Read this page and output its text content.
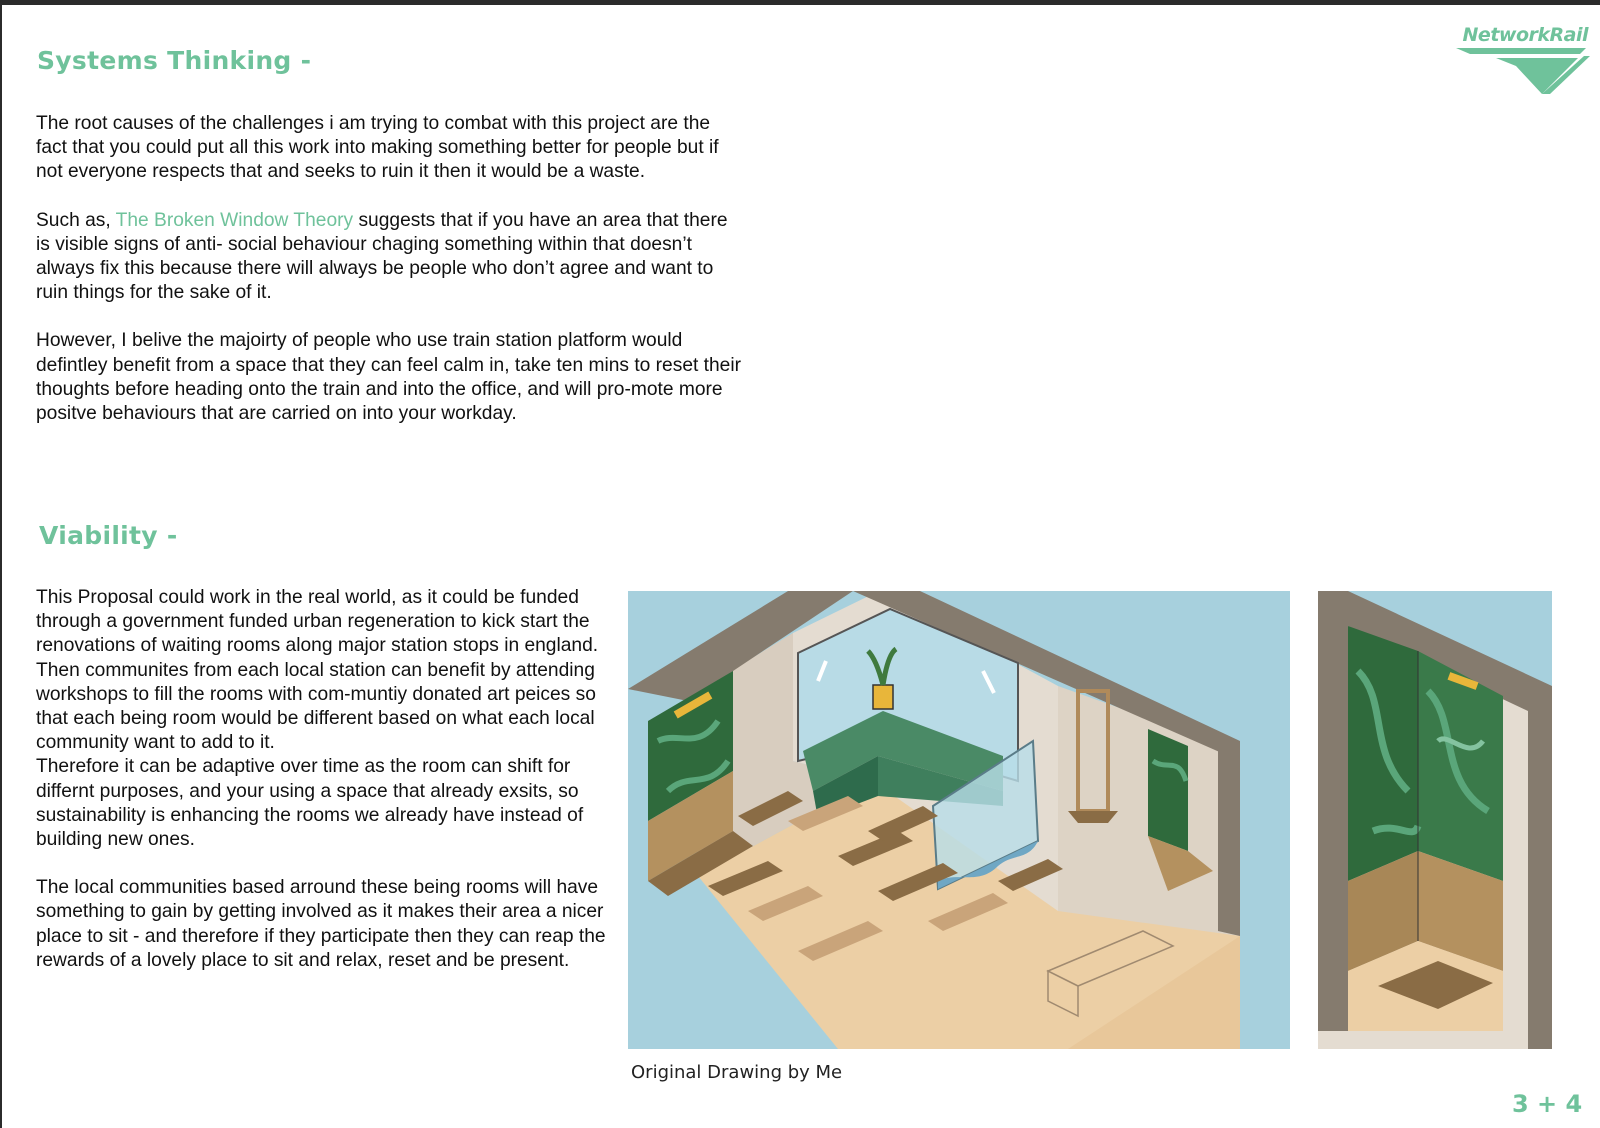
NetworkRail
Systems Thinking -

The root causes of the challenges i am trying to combat with this project are the fact that you could put all this work into making something better for people but if not everyone respects that and seeks to ruin it then it would be a waste.

Such as, The Broken Window Theory suggests that if you have an area that there is visible signs of anti- social behaviour chaging something within that doesn’t always fix this because there will always be people who don’t agree and want to ruin things for the sake of it.

However, I belive the majoirty of people who use train station platform would defintley benefit from a space that they can feel calm in, take ten mins to reset their thoughts before heading onto the train and into the office, and will pro-mote more positve behaviours that are carried on into your workday.

Viability -

This Proposal could work in the real world, as it could be funded through a government funded urban regeneration to kick start the renovations of waiting rooms along major station stops in england. Then communites from each local station can benefit by attending workshops to fill the rooms with com-muntiy donated art peices so that each being room would be different based on what each local community want to add to it.

Therefore it can be adaptive over time as the room can shift for differnt purposes, and your using a space that already exsits, so sustainability is enhancing the rooms we already have instead of building new ones.

The local communities based arround these being rooms will have something to gain by getting involved as it makes their area a nicer place to sit - and therefore if they participate then they can reap the rewards of a lovely place to sit and relax, reset and be present.

Original Drawing by Me
3 + 4
